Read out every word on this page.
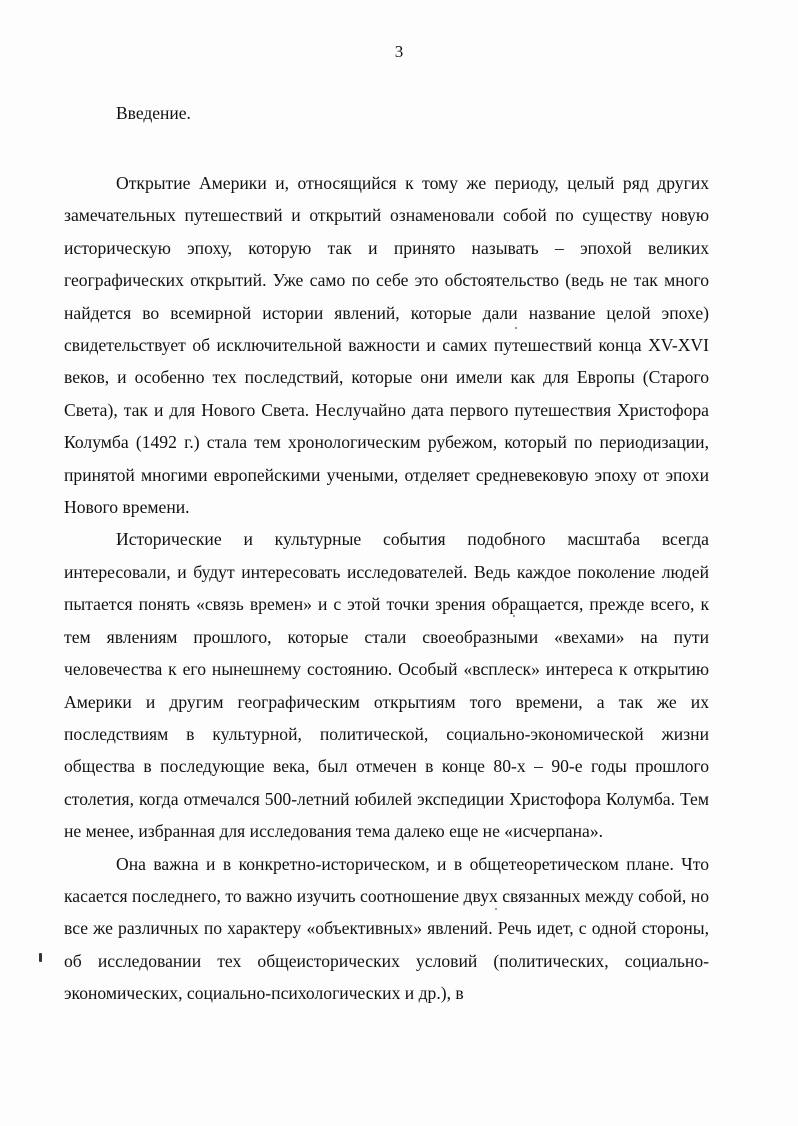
3
Введение.

Открытие Америки и, относящийся к тому же периоду, целый ряд других замечательных путешествий и открытий ознаменовали собой по существу новую историческую эпоху, которую так и принято называть – эпохой великих географических открытий. Уже само по себе это обстоятельство (ведь не так много найдется во всемирной истории явлений, которые дали название целой эпохе) свидетельствует об исключительной важности и самих путешествий конца XV-XVI веков, и особенно тех последствий, которые они имели как для Европы (Старого Света), так и для Нового Света. Неслучайно дата первого путешествия Христофора Колумба (1492 г.) стала тем хронологическим рубежом, который по периодизации, принятой многими европейскими учеными, отделяет средневековую эпоху от эпохи Нового времени.

Исторические и культурные события подобного масштаба всегда интересовали, и будут интересовать исследователей. Ведь каждое поколение людей пытается понять «связь времен» и с этой точки зрения обращается, прежде всего, к тем явлениям прошлого, которые стали своеобразными «вехами» на пути человечества к его нынешнему состоянию. Особый «всплеск» интереса к открытию Америки и другим географическим открытиям того времени, а так же их последствиям в культурной, политической, социально-экономической жизни общества в последующие века, был отмечен в конце 80-х – 90-е годы прошлого столетия, когда отмечался 500-летний юбилей экспедиции Христофора Колумба. Тем не менее, избранная для исследования тема далеко еще не «исчерпана».

Она важна и в конкретно-историческом, и в общетеоретическом плане. Что касается последнего, то важно изучить соотношение двух связанных между собой, но все же различных по характеру «объективных» явлений. Речь идет, с одной стороны, об исследовании тех общеисторических условий (политических, социально-экономических, социально-психологических и др.), в
